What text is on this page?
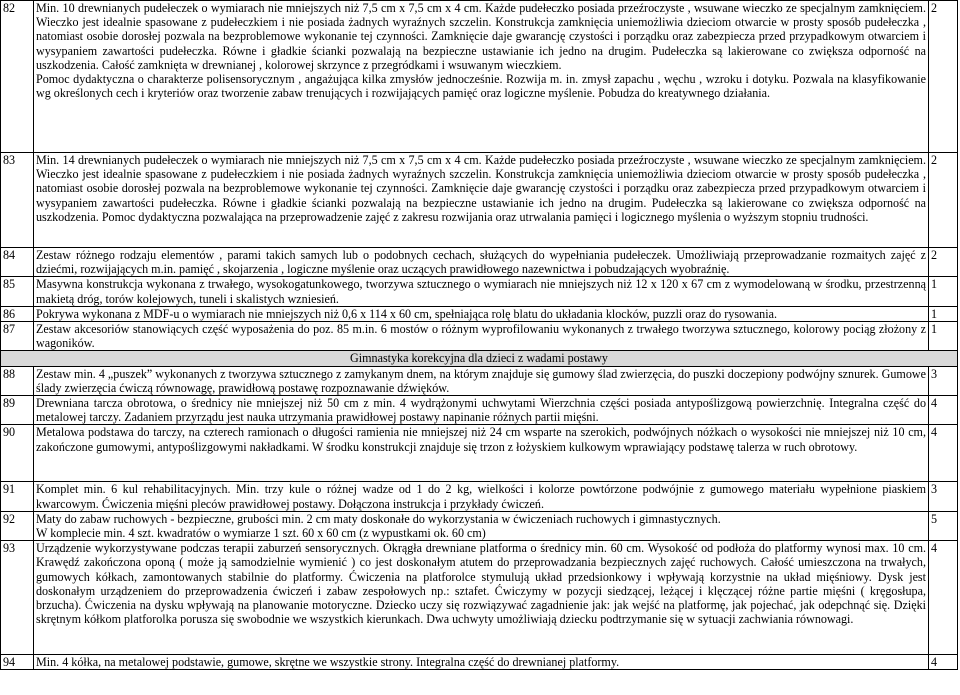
82	Min. 10 drewnianych pudełeczek o wymiarach nie mniejszych niż 7,5 cm x 7,5 cm x 4 cm. Każde pudełeczko posiada przeźroczyste , wsuwane wieczko ze specjalnym zamknięciem. Wieczko jest idealnie spasowane z pudełeczkiem i nie posiada żadnych wyraźnych szczelin. Konstrukcja zamknięcia uniemożliwia dzieciom otwarcie w prosty sposób pudełeczka , natomiast osobie dorosłej pozwala na bezproblemowe wykonanie tej czynności. Zamknięcie daje gwarancję czystości i porządku oraz zabezpiecza przed przypadkowym otwarciem i wysypaniem zawartości pudełeczka. Równe i gładkie ścianki pozwalają na bezpieczne ustawianie ich jedno na drugim. Pudełeczka są lakierowane co zwiększa odporność na uszkodzenia. Całość zamknięta w drewnianej , kolorowej skrzynce z przegródkami i wsuwanym wieczkiem.
Pomoc dydaktyczna o charakterze polisensorycznym , angażująca kilka zmysłów jednocześnie. Rozwija m. in. zmysł zapachu , węchu , wzroku i dotyku. Pozwala na klasyfikowanie wg określonych cech i kryteriów oraz tworzenie zabaw trenujących i rozwijających pamięć oraz logiczne myślenie. Pobudza do kreatywnego działania.	2
83	Min. 14 drewnianych pudełeczek o wymiarach nie mniejszych niż 7,5 cm x 7,5 cm x 4 cm. Każde pudełeczko posiada przeźroczyste , wsuwane wieczko ze specjalnym zamknięciem. Wieczko jest idealnie spasowane z pudełeczkiem i nie posiada żadnych wyraźnych szczelin. Konstrukcja zamknięcia uniemożliwia dzieciom otwarcie w prosty sposób pudełeczka , natomiast osobie dorosłej pozwala na bezproblemowe wykonanie tej czynności. Zamknięcie daje gwarancję czystości i porządku oraz zabezpiecza przed przypadkowym otwarciem i wysypaniem zawartości pudełeczka. Równe i gładkie ścianki pozwalają na bezpieczne ustawianie ich jedno na drugim. Pudełeczka są lakierowane co zwiększa odporność na uszkodzenia. Pomoc dydaktyczna pozwalająca na przeprowadzenie zajęć z zakresu rozwijania oraz utrwalania pamięci i logicznego myślenia o wyższym stopniu trudności.	2
84	Zestaw różnego rodzaju elementów , parami takich samych lub o podobnych cechach, służących do wypełniania pudełeczek. Umożliwiają przeprowadzanie rozmaitych zajęć z dziećmi, rozwijających m.in. pamięć , skojarzenia , logiczne myślenie oraz uczących prawidłowego nazewnictwa i pobudzających wyobraźnię.	2
85	Masywna konstrukcja wykonana z trwałego, wysokogatunkowego, tworzywa sztucznego o wymiarach nie mniejszych niż 12 x 120 x 67 cm z wymodelowaną w środku, przestrzenną makietą dróg, torów kolejowych, tuneli i skalistych wzniesień.	1
86	Pokrywa wykonana z MDF-u o wymiarach nie mniejszych niż 0,6 x 114 x 60 cm, spełniająca rolę blatu do układania klocków, puzzli oraz do rysowania.	1
87	Zestaw akcesoriów stanowiących część wyposażenia do poz. 85 m.in. 6 mostów o różnym wyprofilowaniu wykonanych z trwałego tworzywa sztucznego, kolorowy pociąg złożony z wagoników.	1
Gimnastyka korekcyjna dla dzieci z wadami postawy		
88	Zestaw min. 4 „puszek” wykonanych z tworzywa sztucznego z zamykanym dnem, na którym znajduje się gumowy ślad zwierzęcia, do puszki doczepiony podwójny sznurek. Gumowe ślady zwierzęcia ćwiczą równowagę, prawidłową postawę rozpoznawanie dźwięków.	3
89	Drewniana tarcza obrotowa, o średnicy nie mniejszej niż 50 cm z min. 4 wydrążonymi uchwytami Wierzchnia części posiada antypoślizgową powierzchnię. Integralna część do metalowej tarczy. Zadaniem przyrządu jest nauka utrzymania prawidłowej postawy napinanie różnych partii mięśni.	4
90	Metalowa podstawa do tarczy, na czterech ramionach o długości ramienia nie mniejszej niż 24 cm wsparte na szerokich, podwójnych nóżkach o wysokości nie mniejszej niż 10 cm, zakończone gumowymi, antypoślizgowymi nakładkami. W środku konstrukcji znajduje się trzon z łożyskiem kulkowym wprawiający podstawę talerza w ruch obrotowy.	4
91	Komplet min. 6 kul rehabilitacyjnych. Min. trzy kule o różnej wadze od 1 do 2 kg, wielkości i kolorze powtórzone podwójnie z gumowego materiału wypełnione piaskiem kwarcowym. Ćwiczenia mięśni pleców prawidłowej postawy. Dołączona instrukcja i przykłady ćwiczeń.	3
92	Maty do zabaw ruchowych - bezpieczne, grubości min. 2 cm maty doskonałe do wykorzystania w ćwiczeniach ruchowych i gimnastycznych.
W komplecie min. 4 szt. kwadratów o wymiarze 1 szt. 60 x 60 cm (z wypustkami ok. 60 cm)	5
93	Urządzenie wykorzystywane podczas terapii zaburzeń sensorycznych. Okrągła drewniane platforma o średnicy min. 60 cm. Wysokość od podłoża do platformy wynosi max. 10 cm. Krawędź zakończona oponą ( może ją samodzielnie wymienić ) co jest doskonałym atutem do przeprowadzania bezpiecznych zajęć ruchowych. Całość umieszczona na trwałych, gumowych kółkach, zamontowanych stabilnie do platformy. Ćwiczenia na platforolce stymulują układ przedsionkowy i wpływają korzystnie na układ mięśniowy. Dysk jest doskonałym urządzeniem do przeprowadzenia ćwiczeń i zabaw zespołowych np.: sztafet. Ćwiczymy w pozycji siedzącej, leżącej i klęczącej różne partie mięśni ( kręgosłupa, brzucha). Ćwiczenia na dysku wpływają na planowanie motoryczne. Dziecko uczy się rozwiązywać zagadnienie jak: jak wejść na platformę, jak pojechać, jak odepchnąć się. Dzięki skrętnym kółkom platforolka porusza się swobodnie we wszystkich kierunkach. Dwa uchwyty umożliwiają dziecku podtrzymanie się w sytuacji zachwiania równowagi.	4
94	Min. 4 kółka, na metalowej podstawie, gumowe, skrętne we wszystkie strony. Integralna część do drewnianej platformy.	4
